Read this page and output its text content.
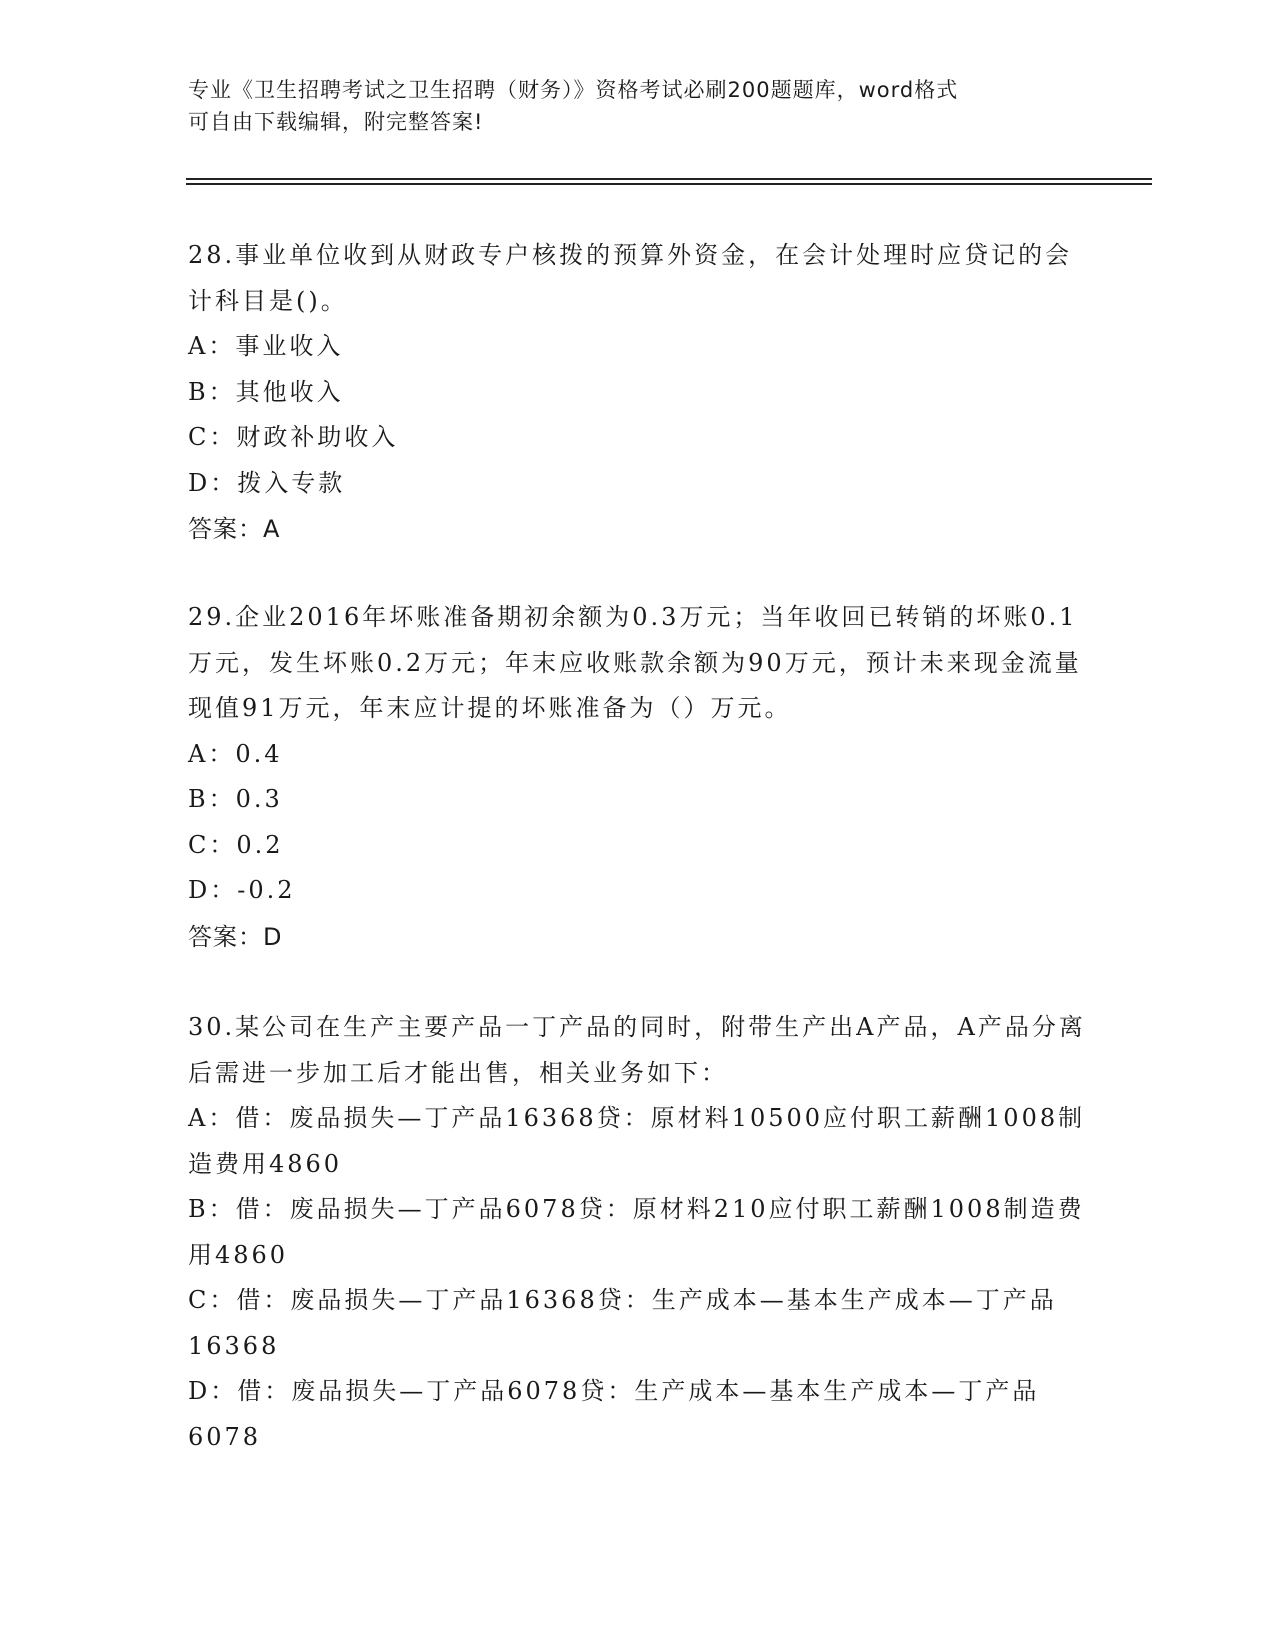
专业《卫生招聘考试之卫生招聘（财务）》资格考试必刷200题题库，word格式
可自由下载编辑，附完整答案!

28.事业单位收到从财政专户核拨的预算外资金，在会计处理时应贷记的会计科目是()。

A：事业收入

B：其他收入

C：财政补助收入

D：拨入专款

答案：A

29.企业2016年坏账准备期初余额为0.3万元；当年收回已转销的坏账0.1万元，发生坏账0.2万元；年末应收账款余额为90万元，预计未来现金流量现值91万元，年末应计提的坏账准备为（）万元。

A：0.4

B：0.3

C：0.2

D：-0.2

答案：D

30.某公司在生产主要产品一丁产品的同时，附带生产出A产品，A产品分离后需进一步加工后才能出售，相关业务如下：

A：借：废品损失—丁产品16368贷：原材料10500应付职工薪酬1008制造费用4860

B：借：废品损失—丁产品6078贷：原材料210应付职工薪酬1008制造费用4860

C：借：废品损失—丁产品16368贷：生产成本—基本生产成本—丁产品16368

D：借：废品损失—丁产品6078贷：生产成本—基本生产成本—丁产品6078
